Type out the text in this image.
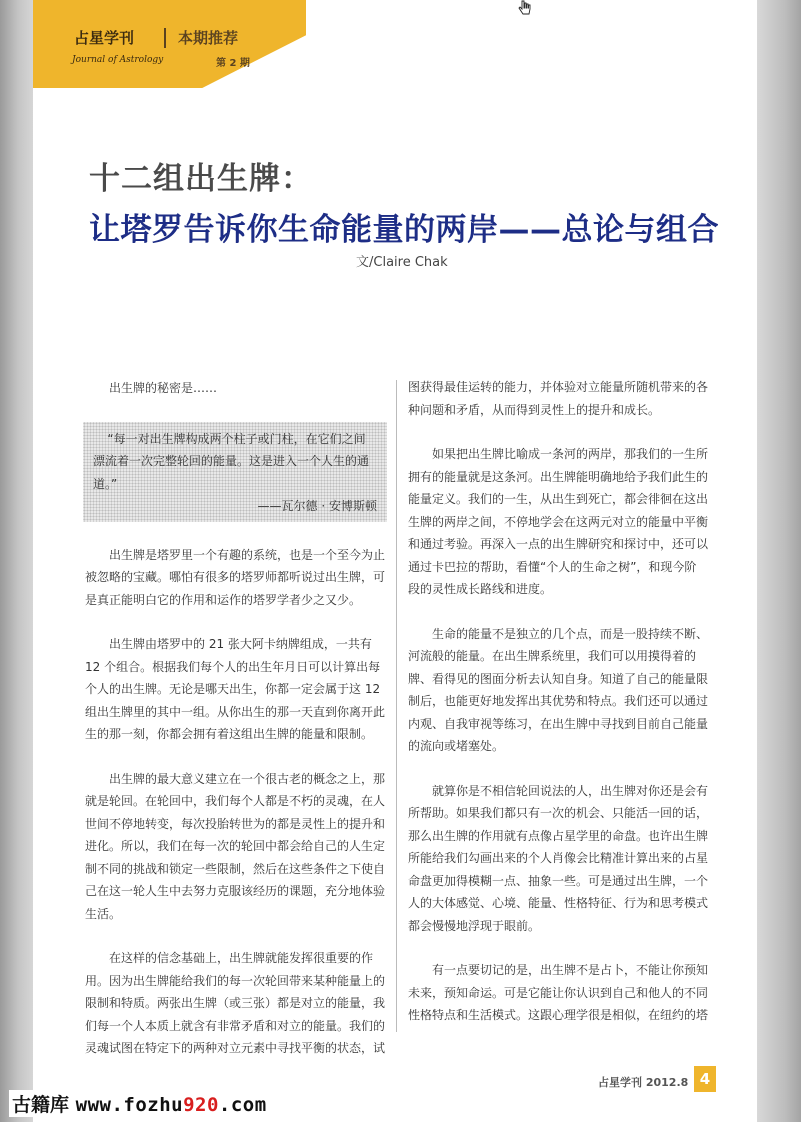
占星学刊
Journal of Astrology
本期推荐
第 2 期
十二组出生牌：
让塔罗告诉你生命能量的两岸——总论与组合
文/Claire Chak

出生牌的秘密是……

“每一对出生牌构成两个柱子或门柱，在它们之间漂流着一次完整轮回的能量。这是进入一个人生的通道。”

——瓦尔德 · 安博斯顿

出生牌是塔罗里一个有趣的系统，也是一个至今为止被忽略的宝藏。哪怕有很多的塔罗师都听说过出生牌，可是真正能明白它的作用和运作的塔罗学者少之又少。

出生牌由塔罗中的 21 张大阿卡纳牌组成，一共有 12 个组合。根据我们每个人的出生年月日可以计算出每个人的出生牌。无论是哪天出生，你都一定会属于这 12 组出生牌里的其中一组。从你出生的那一天直到你离开此生的那一刻，你都会拥有着这组出生牌的能量和限制。

出生牌的最大意义建立在一个很古老的概念之上，那就是轮回。在轮回中，我们每个人都是不朽的灵魂，在人世间不停地转变，每次投胎转世为的都是灵性上的提升和进化。所以，我们在每一次的轮回中都会给自己的人生定制不同的挑战和锁定一些限制，然后在这些条件之下使自己在这一轮人生中去努力克服该经历的课题，充分地体验生活。

在这样的信念基础上，出生牌就能发挥很重要的作用。因为出生牌能给我们的每一次轮回带来某种能量上的限制和特质。两张出生牌（或三张）都是对立的能量，我们每一个人本质上就含有非常矛盾和对立的能量。我们的灵魂试图在特定下的两种对立元素中寻找平衡的状态，试

图获得最佳运转的能力，并体验对立能量所随机带来的各种问题和矛盾，从而得到灵性上的提升和成长。

如果把出生牌比喻成一条河的两岸，那我们的一生所拥有的能量就是这条河。出生牌能明确地给予我们此生的能量定义。我们的一生，从出生到死亡，都会徘徊在这出生牌的两岸之间，不停地学会在这两元对立的能量中平衡和通过考验。再深入一点的出生牌研究和探讨中，还可以通过卡巴拉的帮助，看懂“个人的生命之树”，和现今阶段的灵性成长路线和进度。

生命的能量不是独立的几个点，而是一股持续不断、河流般的能量。在出生牌系统里，我们可以用摸得着的牌、看得见的图面分析去认知自身。知道了自己的能量限制后，也能更好地发挥出其优势和特点。我们还可以通过内观、自我审视等练习，在出生牌中寻找到目前自己能量的流向或堵塞处。

就算你是不相信轮回说法的人，出生牌对你还是会有所帮助。如果我们都只有一次的机会、只能活一回的话，那么出生牌的作用就有点像占星学里的命盘。也许出生牌所能给我们勾画出来的个人肖像会比精准计算出来的占星命盘更加得模糊一点、抽象一些。可是通过出生牌，一个人的大体感觉、心境、能量、性格特征、行为和思考模式都会慢慢地浮现于眼前。

有一点要切记的是，出生牌不是占卜，不能让你预知未来，预知命运。可是它能让你认识到自己和他人的不同性格特点和生活模式。这跟心理学很是相似，在纽约的塔

占星学刊 2012.8 4
古籍库 www.fozhu920.com
